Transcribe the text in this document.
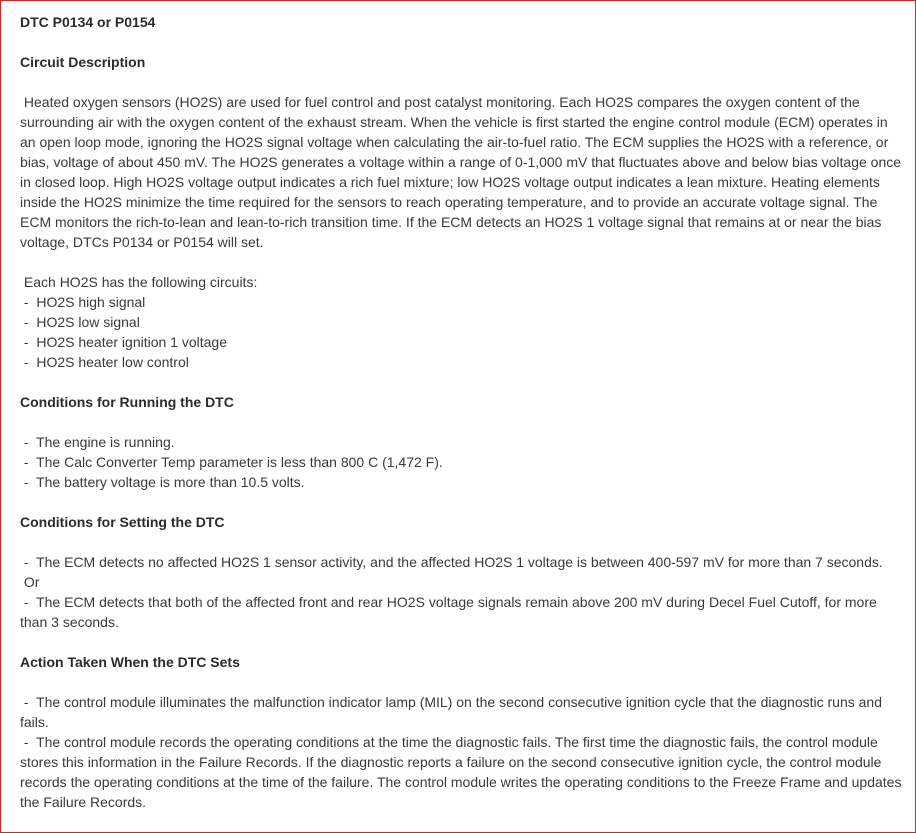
DTC P0134 or P0154

Circuit Description

Heated oxygen sensors (HO2S) are used for fuel control and post catalyst monitoring. Each HO2S compares the oxygen content of the surrounding air with the oxygen content of the exhaust stream. When the vehicle is first started the engine control module (ECM) operates in an open loop mode, ignoring the HO2S signal voltage when calculating the air-to-fuel ratio. The ECM supplies the HO2S with a reference, or bias, voltage of about 450 mV. The HO2S generates a voltage within a range of 0-1,000 mV that fluctuates above and below bias voltage once in closed loop. High HO2S voltage output indicates a rich fuel mixture; low HO2S voltage output indicates a lean mixture. Heating elements inside the HO2S minimize the time required for the sensors to reach operating temperature, and to provide an accurate voltage signal. The ECM monitors the rich-to-lean and lean-to-rich transition time. If the ECM detects an HO2S 1 voltage signal that remains at or near the bias voltage, DTCs P0134 or P0154 will set.

Each HO2S has the following circuits:
-  HO2S high signal
-  HO2S low signal
-  HO2S heater ignition 1 voltage
-  HO2S heater low control

Conditions for Running the DTC

-  The engine is running.
-  The Calc Converter Temp parameter is less than 800 C (1,472 F).
-  The battery voltage is more than 10.5 volts.

Conditions for Setting the DTC

-  The ECM detects no affected HO2S 1 sensor activity, and the affected HO2S 1 voltage is between 400-597 mV for more than 7 seconds.

Or

-  The ECM detects that both of the affected front and rear HO2S voltage signals remain above 200 mV during Decel Fuel Cutoff, for more than 3 seconds.

Action Taken When the DTC Sets

-  The control module illuminates the malfunction indicator lamp (MIL) on the second consecutive ignition cycle that the diagnostic runs and fails.

-  The control module records the operating conditions at the time the diagnostic fails. The first time the diagnostic fails, the control module stores this information in the Failure Records. If the diagnostic reports a failure on the second consecutive ignition cycle, the control module records the operating conditions at the time of the failure. The control module writes the operating conditions to the Freeze Frame and updates the Failure Records.
